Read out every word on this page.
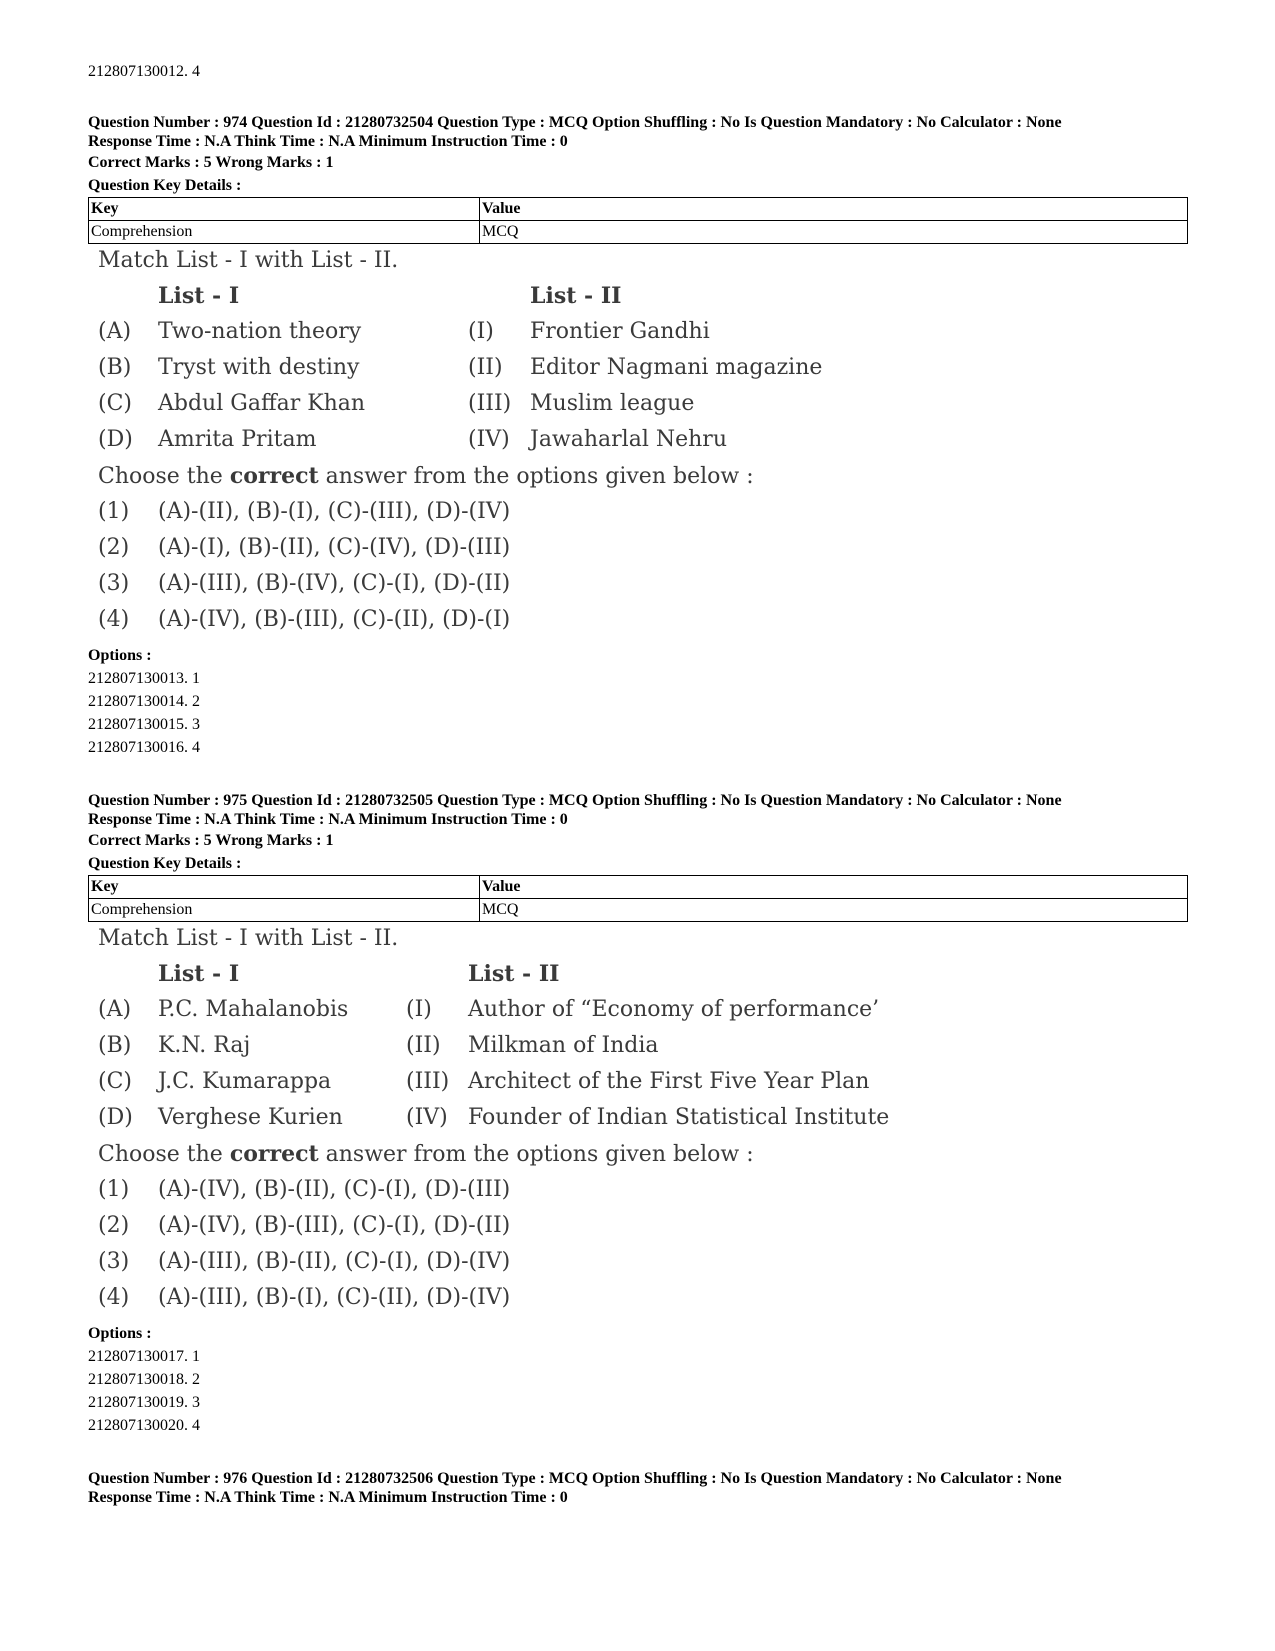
212807130012. 4
Question Number : 974 Question Id : 21280732504 Question Type : MCQ Option Shuffling : No Is Question Mandatory : No Calculator : None
Response Time : N.A Think Time : N.A Minimum Instruction Time : 0
Correct Marks : 5 Wrong Marks : 1
Question Key Details :
Key	Value
Comprehension	MCQ
Match List - I with List - II.
List - I	List - II
(A) Two-nation theory	(I) Frontier Gandhi
(B) Tryst with destiny	(II) Editor Nagmani magazine
(C) Abdul Gaffar Khan	(III) Muslim league
(D) Amrita Pritam	(IV) Jawaharlal Nehru
Choose the correct answer from the options given below :
(1) (A)-(II), (B)-(I), (C)-(III), (D)-(IV)
(2) (A)-(I), (B)-(II), (C)-(IV), (D)-(III)
(3) (A)-(III), (B)-(IV), (C)-(I), (D)-(II)
(4) (A)-(IV), (B)-(III), (C)-(II), (D)-(I)
Options :
212807130013. 1
212807130014. 2
212807130015. 3
212807130016. 4
Question Number : 975 Question Id : 21280732505 Question Type : MCQ Option Shuffling : No Is Question Mandatory : No Calculator : None
Response Time : N.A Think Time : N.A Minimum Instruction Time : 0
Correct Marks : 5 Wrong Marks : 1
Question Key Details :
Key	Value
Comprehension	MCQ
Match List - I with List - II.
List - I	List - II
(A) P.C. Mahalanobis	(I) Author of “Economy of performance’
(B) K.N. Raj	(II) Milkman of India
(C) J.C. Kumarappa	(III) Architect of the First Five Year Plan
(D) Verghese Kurien	(IV) Founder of Indian Statistical Institute
Choose the correct answer from the options given below :
(1) (A)-(IV), (B)-(II), (C)-(I), (D)-(III)
(2) (A)-(IV), (B)-(III), (C)-(I), (D)-(II)
(3) (A)-(III), (B)-(II), (C)-(I), (D)-(IV)
(4) (A)-(III), (B)-(I), (C)-(II), (D)-(IV)
Options :
212807130017. 1
212807130018. 2
212807130019. 3
212807130020. 4
Question Number : 976 Question Id : 21280732506 Question Type : MCQ Option Shuffling : No Is Question Mandatory : No Calculator : None
Response Time : N.A Think Time : N.A Minimum Instruction Time : 0
